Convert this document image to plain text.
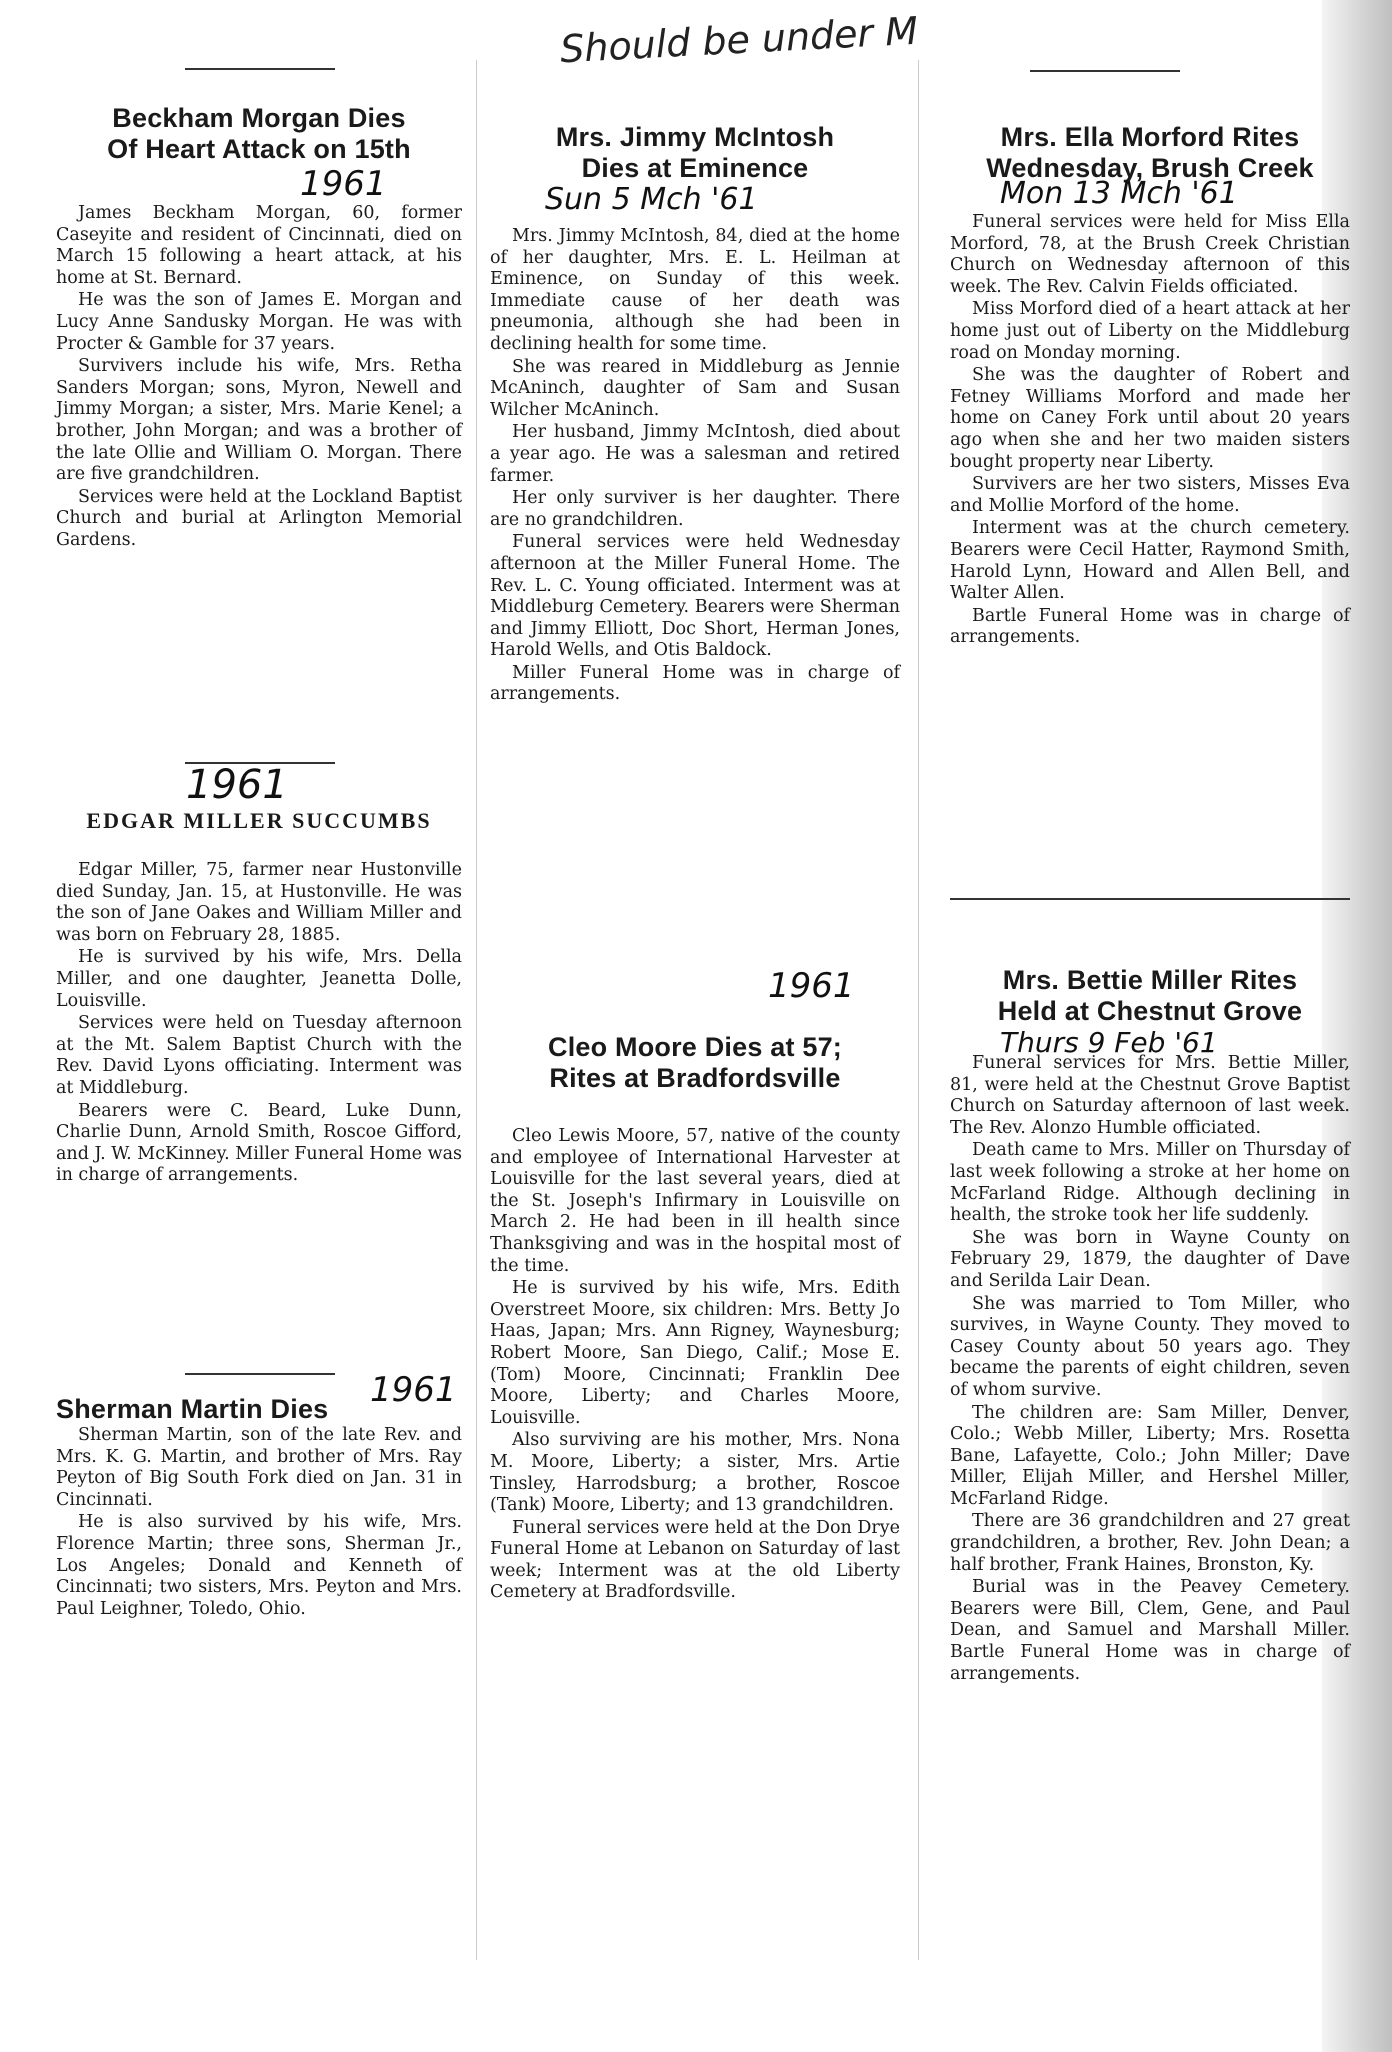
Should be under M
Beckham Morgan Dies
Of Heart Attack on 15th

James Beckham Morgan, 60, former Caseyite and resident of Cincinnati, died on March 15 following a heart attack, at his home at St. Bernard.

He was the son of James E. Morgan and Lucy Anne Sandusky Morgan. He was with Procter & Gamble for 37 years.

Survivers include his wife, Mrs. Retha Sanders Morgan; sons, Myron, Newell and Jimmy Morgan; a sister, Mrs. Marie Kenel; a brother, John Morgan; and was a brother of the late Ollie and William O. Morgan. There are five grandchildren.

Services were held at the Lockland Baptist Church and burial at Arlington Memorial Gardens.

1961
1961
EDGAR MILLER SUCCUMBS

Edgar Miller, 75, farmer near Hustonville died Sunday, Jan. 15, at Hustonville. He was the son of Jane Oakes and William Miller and was born on February 28, 1885.

He is survived by his wife, Mrs. Della Miller, and one daughter, Jeanetta Dolle, Louisville.

Services were held on Tuesday afternoon at the Mt. Salem Baptist Church with the Rev. David Lyons officiating. Interment was at Middleburg.

Bearers were C. Beard, Luke Dunn, Charlie Dunn, Arnold Smith, Roscoe Gifford, and J. W. McKinney. Miller Funeral Home was in charge of arrangements.

Sherman Martin Dies

Sherman Martin, son of the late Rev. and Mrs. K. G. Martin, and brother of Mrs. Ray Peyton of Big South Fork died on Jan. 31 in Cincinnati.

He is also survived by his wife, Mrs. Florence Martin; three sons, Sherman Jr., Los Angeles; Donald and Kenneth of Cincinnati; two sisters, Mrs. Peyton and Mrs. Paul Leighner, Toledo, Ohio.

1961
Mrs. Jimmy McIntosh
Dies at Eminence

Mrs. Jimmy McIntosh, 84, died at the home of her daughter, Mrs. E. L. Heilman at Eminence, on Sunday of this week. Immediate cause of her death was pneumonia, although she had been in declining health for some time.

She was reared in Middleburg as Jennie McAninch, daughter of Sam and Susan Wilcher McAninch.

Her husband, Jimmy McIntosh, died about a year ago. He was a salesman and retired farmer.

Her only surviver is her daughter. There are no grandchildren.

Funeral services were held Wednesday afternoon at the Miller Funeral Home. The Rev. L. C. Young officiated. Interment was at Middleburg Cemetery. Bearers were Sherman and Jimmy Elliott, Doc Short, Herman Jones, Harold Wells, and Otis Baldock.

Miller Funeral Home was in charge of arrangements.

Sun 5 Mch '61
1961
Cleo Moore Dies at 57;
Rites at Bradfordsville

Cleo Lewis Moore, 57, native of the county and employee of International Harvester at Louisville for the last several years, died at the St. Joseph's Infirmary in Louisville on March 2. He had been in ill health since Thanksgiving and was in the hospital most of the time.

He is survived by his wife, Mrs. Edith Overstreet Moore, six children: Mrs. Betty Jo Haas, Japan; Mrs. Ann Rigney, Waynesburg; Robert Moore, San Diego, Calif.; Mose E. (Tom) Moore, Cincinnati; Franklin Dee Moore, Liberty; and Charles Moore, Louisville.

Also surviving are his mother, Mrs. Nona M. Moore, Liberty; a sister, Mrs. Artie Tinsley, Harrodsburg; a brother, Roscoe (Tank) Moore, Liberty; and 13 grandchildren.

Funeral services were held at the Don Drye Funeral Home at Lebanon on Saturday of last week; Interment was at the old Liberty Cemetery at Bradfordsville.

Mrs. Ella Morford Rites
Wednesday, Brush Creek

Funeral services were held for Miss Ella Morford, 78, at the Brush Creek Christian Church on Wednesday afternoon of this week. The Rev. Calvin Fields officiated.

Miss Morford died of a heart attack at her home just out of Liberty on the Middleburg road on Monday morning.

She was the daughter of Robert and Fetney Williams Morford and made her home on Caney Fork until about 20 years ago when she and her two maiden sisters bought property near Liberty.

Survivers are her two sisters, Misses Eva and Mollie Morford of the home.

Interment was at the church cemetery. Bearers were Cecil Hatter, Raymond Smith, Harold Lynn, Howard and Allen Bell, and Walter Allen.

Bartle Funeral Home was in charge of arrangements.

Mon 13 Mch '61
Mrs. Bettie Miller Rites
Held at Chestnut Grove

Funeral services for Mrs. Bettie Miller, 81, were held at the Chestnut Grove Baptist Church on Saturday afternoon of last week. The Rev. Alonzo Humble officiated.

Death came to Mrs. Miller on Thursday of last week following a stroke at her home on McFarland Ridge. Although declining in health, the stroke took her life suddenly.

She was born in Wayne County on February 29, 1879, the daughter of Dave and Serilda Lair Dean.

She was married to Tom Miller, who survives, in Wayne County. They moved to Casey County about 50 years ago. They became the parents of eight children, seven of whom survive.

The children are: Sam Miller, Denver, Colo.; Webb Miller, Liberty; Mrs. Rosetta Bane, Lafayette, Colo.; John Miller; Dave Miller, Elijah Miller, and Hershel Miller, McFarland Ridge.

There are 36 grandchildren and 27 great grandchildren, a brother, Rev. John Dean; a half brother, Frank Haines, Bronston, Ky.

Burial was in the Peavey Cemetery. Bearers were Bill, Clem, Gene, and Paul Dean, and Samuel and Marshall Miller. Bartle Funeral Home was in charge of arrangements.

Thurs 9 Feb '61
